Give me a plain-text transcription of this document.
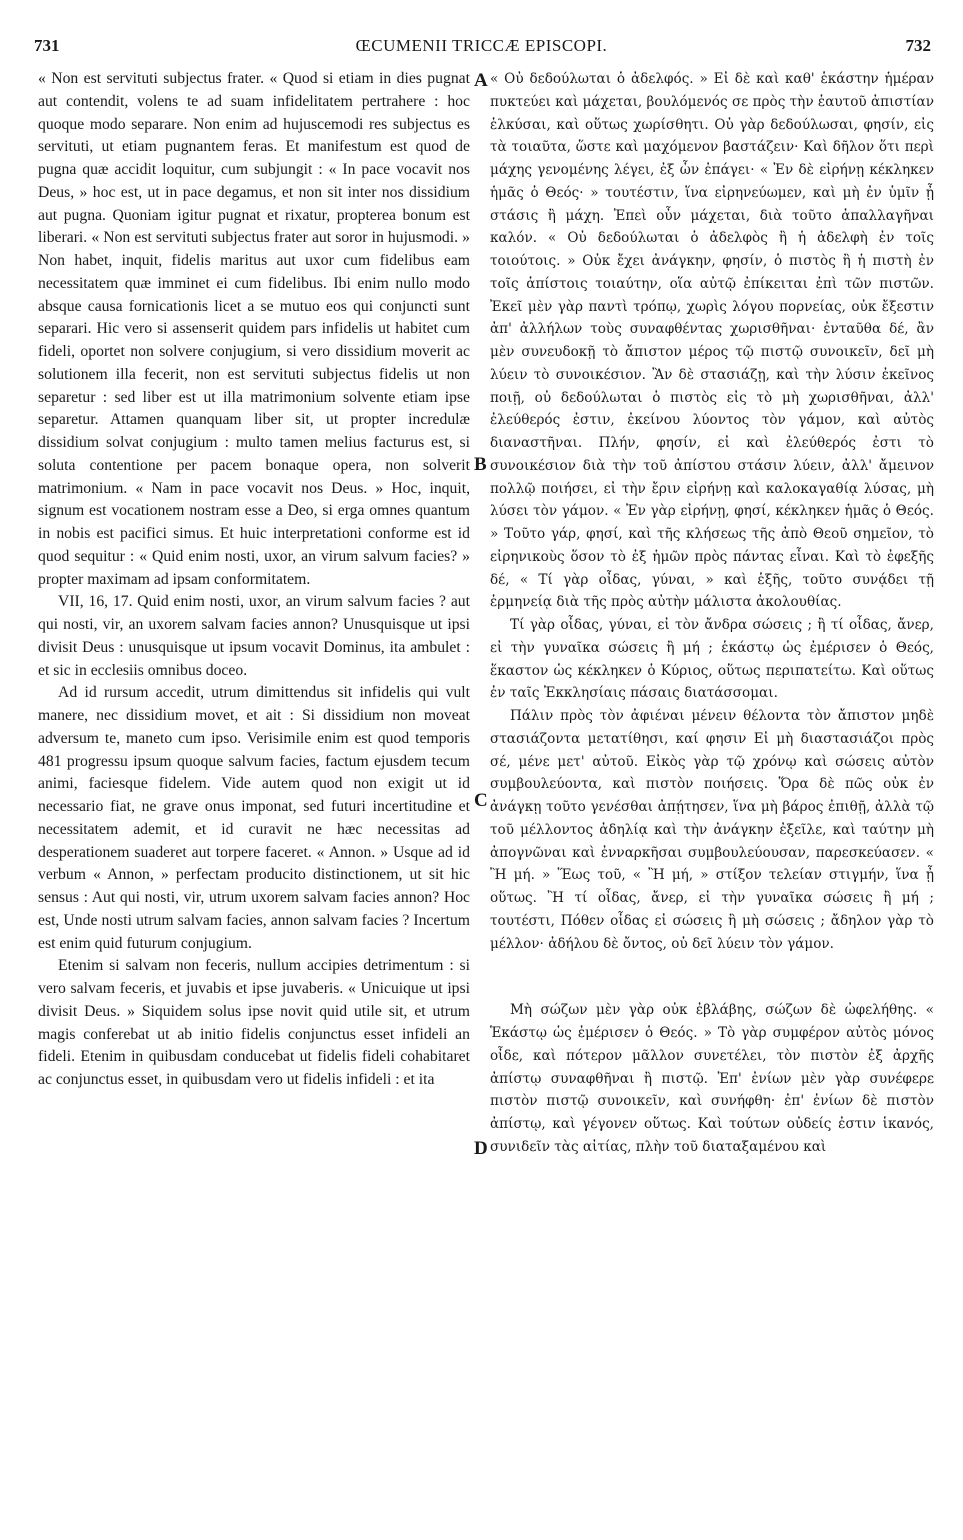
731	ŒCUMENII TRICCÆ EPISCOPI.	732

« Non est servituti subjectus frater. « Quod si etiam in dies pugnat aut contendit, volens te ad suam infidelitatem pertrahere : hoc quoque modo separare. Non enim ad hujuscemodi res subjectus es servituti, ut etiam pugnantem feras. Et manifestum est quod de pugna quæ accidit loquitur, cum subjungit : « In pace vocavit nos Deus, » hoc est, ut in pace degamus, et non sit inter nos dissidium aut pugna. Quoniam igitur pugnat et rixatur, propterea bonum est liberari. « Non est servituti subjectus frater aut soror in hujusmodi. » Non habet, inquit, fidelis maritus aut uxor cum fidelibus eam necessitatem quæ imminet ei cum fidelibus. Ibi enim nullo modo absque causa fornicationis licet a se mutuo eos qui conjuncti sunt separari. Hic vero si assenserit quidem pars infidelis ut habitet cum fideli, oportet non solvere conjugium, si vero dissidium moverit ac solutionem illa fecerit, non est servituti subjectus fidelis ut non separetur : sed liber est ut illa matrimonium solvente etiam ipse separetur. Attamen quanquam liber sit, ut propter incredulæ dissidium solvat conjugium : multo tamen melius facturus est, si soluta contentione per pacem bonaque opera, non solverit matrimonium. « Nam in pace vocavit nos Deus. » Hoc, inquit, signum est vocationem nostram esse a Deo, si erga omnes quantum in nobis est pacifici simus. Et huic interpretationi conforme est id quod sequitur : « Quid enim nosti, uxor, an virum salvum facies? » propter maximam ad ipsam conformitatem.

VII, 16, 17. Quid enim nosti, uxor, an virum salvum facies ? aut qui nosti, vir, an uxorem salvam facies annon? Unusquisque ut ipsi divisit Deus : unusquisque ut ipsum vocavit Dominus, ita ambulet : et sic in ecclesiis omnibus doceo.

Ad id rursum accedit, utrum dimittendus sit infidelis qui vult manere, nec dissidium movet, et ait : Si dissidium non moveat adversum te, maneto cum ipso. Verisimile enim est quod temporis 481 progressu ipsum quoque salvum facies, factum ejusdem tecum animi, faciesque fidelem. Vide autem quod non exigit ut id necessario fiat, ne grave onus imponat, sed futuri incertitudine et necessitatem ademit, et id curavit ne hæc necessitas ad desperationem suaderet aut torpere faceret. « Annon. » Usque ad id verbum « Annon, » perfectam producito distinctionem, ut sit hic sensus : Aut qui nosti, vir, utrum uxorem salvam facies annon? Hoc est, Unde nosti utrum salvam facies, annon salvam facies ? Incertum est enim quid futurum conjugium.

Etenim si salvam non feceris, nullum accipies detrimentum : si vero salvam feceris, et juvabis et ipse juvaberis. « Unicuique ut ipsi divisit Deus. » Siquidem solus ipse novit quid utile sit, et utrum magis conferebat ut ab initio fidelis conjunctus esset infideli an fideli. Etenim in quibusdam conducebat ut fidelis fideli cohabitaret ac conjunctus esset, in quibusdam vero ut fidelis infideli : et ita

« Οὐ δεδούλωται ὁ ἀδελφός. » Εἰ δὲ καὶ καθ' ἑκάστην ἡμέραν πυκτεύει καὶ μάχεται, βουλόμενός σε πρὸς τὴν ἑαυτοῦ ἀπιστίαν ἑλκύσαι, καὶ οὕτως χωρίσθητι. Οὐ γὰρ δεδούλωσαι, φησίν, εἰς τὰ τοιαῦτα, ὥστε καὶ μαχόμενον βαστάζειν· Καὶ δῆλον ὅτι περὶ μάχης γενομένης λέγει, ἐξ ὧν ἐπάγει· « Ἐν δὲ εἰρήνῃ κέκληκεν ἡμᾶς ὁ Θεός· » τουτέστιν, ἵνα εἰρηνεύωμεν, καὶ μὴ ἐν ὑμῖν ᾖ στάσις ἢ μάχη. Ἐπεὶ οὖν μάχεται, διὰ τοῦτο ἀπαλλαγῆναι καλόν. « Οὐ δεδούλωται ὁ ἀδελφὸς ἢ ἡ ἀδελφὴ ἐν τοῖς τοιούτοις. » Οὐκ ἔχει ἀνάγκην, φησίν, ὁ πιστὸς ἢ ἡ πιστὴ ἐν τοῖς ἀπίστοις τοιαύτην, οἵα αὐτῷ ἐπίκειται ἐπὶ τῶν πιστῶν. Ἐκεῖ μὲν γὰρ παντὶ τρόπῳ, χωρὶς λόγου πορνείας, οὐκ ἔξεστιν ἀπ' ἀλλήλων τοὺς συναφθέντας χωρισθῆναι· ἐνταῦθα δέ, ἂν μὲν συνευδοκῇ τὸ ἄπιστον μέρος τῷ πιστῷ συνοικεῖν, δεῖ μὴ λύειν τὸ συνοικέσιον. Ἂν δὲ στασιάζῃ, καὶ τὴν λύσιν ἐκεῖνος ποιῇ, οὐ δεδούλωται ὁ πιστὸς εἰς τὸ μὴ χωρισθῆναι, ἀλλ' ἐλεύθερός ἐστιν, ἐκείνου λύοντος τὸν γάμον, καὶ αὐτὸς διαναστῆναι. Πλήν, φησίν, εἰ καὶ ἐλεύθερός ἐστι τὸ συνοικέσιον διὰ τὴν τοῦ ἀπίστου στάσιν λύειν, ἀλλ' ἄμεινον πολλῷ ποιήσει, εἰ τὴν ἔριν εἰρήνῃ καὶ καλοκαγαθίᾳ λύσας, μὴ λύσει τὸν γάμον. « Ἐν γὰρ εἰρήνῃ, φησί, κέκληκεν ἡμᾶς ὁ Θεός. » Τοῦτο γάρ, φησί, καὶ τῆς κλήσεως τῆς ἀπὸ Θεοῦ σημεῖον, τὸ εἰρηνικοὺς ὅσον τὸ ἐξ ἡμῶν πρὸς πάντας εἶναι. Καὶ τὸ ἐφεξῆς δέ, « Τί γὰρ οἶδας, γύναι, » καὶ ἑξῆς, τοῦτο συνᾴδει τῇ ἑρμηνείᾳ διὰ τῆς πρὸς αὐτὴν μάλιστα ἀκολουθίας.

Τί γὰρ οἶδας, γύναι, εἰ τὸν ἄνδρα σώσεις ; ἢ τί οἶδας, ἄνερ, εἰ τὴν γυναῖκα σώσεις ἢ μή ; ἑκάστῳ ὡς ἐμέρισεν ὁ Θεός, ἕκαστον ὡς κέκληκεν ὁ Κύριος, οὕτως περιπατείτω. Καὶ οὕτως ἐν ταῖς Ἐκκλησίαις πάσαις διατάσσομαι.

Πάλιν πρὸς τὸν ἀφιέναι μένειν θέλοντα τὸν ἄπιστον μηδὲ στασιάζοντα μετατίθησι, καί φησιν Εἰ μὴ διαστασιάζοι πρὸς σέ, μένε μετ' αὐτοῦ. Εἰκὸς γὰρ τῷ χρόνῳ καὶ σώσεις αὐτὸν συμβουλεύοντα, καὶ πιστὸν ποιήσεις. Ὅρα δὲ πῶς οὐκ ἐν ἀνάγκῃ τοῦτο γενέσθαι ἀπῄτησεν, ἵνα μὴ βάρος ἐπιθῇ, ἀλλὰ τῷ τοῦ μέλλοντος ἀδηλίᾳ καὶ τὴν ἀνάγκην ἐξεῖλε, καὶ ταύτην μὴ ἀπογνῶναι καὶ ἐνναρκῆσαι συμβουλεύουσαν, παρεσκεύασεν. « Ἢ μή. » Ἕως τοῦ, « Ἢ μή, » στίξον τελείαν στιγμήν, ἵνα ᾖ οὕτως. Ἢ τί οἶδας, ἄνερ, εἰ τὴν γυναῖκα σώσεις ἢ μή ; τουτέστι, Πόθεν οἶδας εἰ σώσεις ἢ μὴ σώσεις ; ἄδηλον γὰρ τὸ μέλλον· ἀδήλου δὲ ὄντος, οὐ δεῖ λύειν τὸν γάμον.

Μὴ σώζων μὲν γὰρ οὐκ ἐβλάβης, σώζων δὲ ὠφελήθης. « Ἑκάστῳ ὡς ἐμέρισεν ὁ Θεός. » Τὸ γὰρ συμφέρον αὐτὸς μόνος οἶδε, καὶ πότερον μᾶλλον συνετέλει, τὸν πιστὸν ἐξ ἀρχῆς ἀπίστῳ συναφθῆναι ἢ πιστῷ. Ἐπ' ἐνίων μὲν γὰρ συνέφερε πιστὸν πιστῷ συνοικεῖν, καὶ συνήφθη· ἐπ' ἐνίων δὲ πιστὸν ἀπίστῳ, καὶ γέγονεν οὕτως. Καὶ τούτων οὐδείς ἐστιν ἱκανός, συνιδεῖν τὰς αἰτίας, πλὴν τοῦ διαταξαμένου καὶ

A
B
C
D
